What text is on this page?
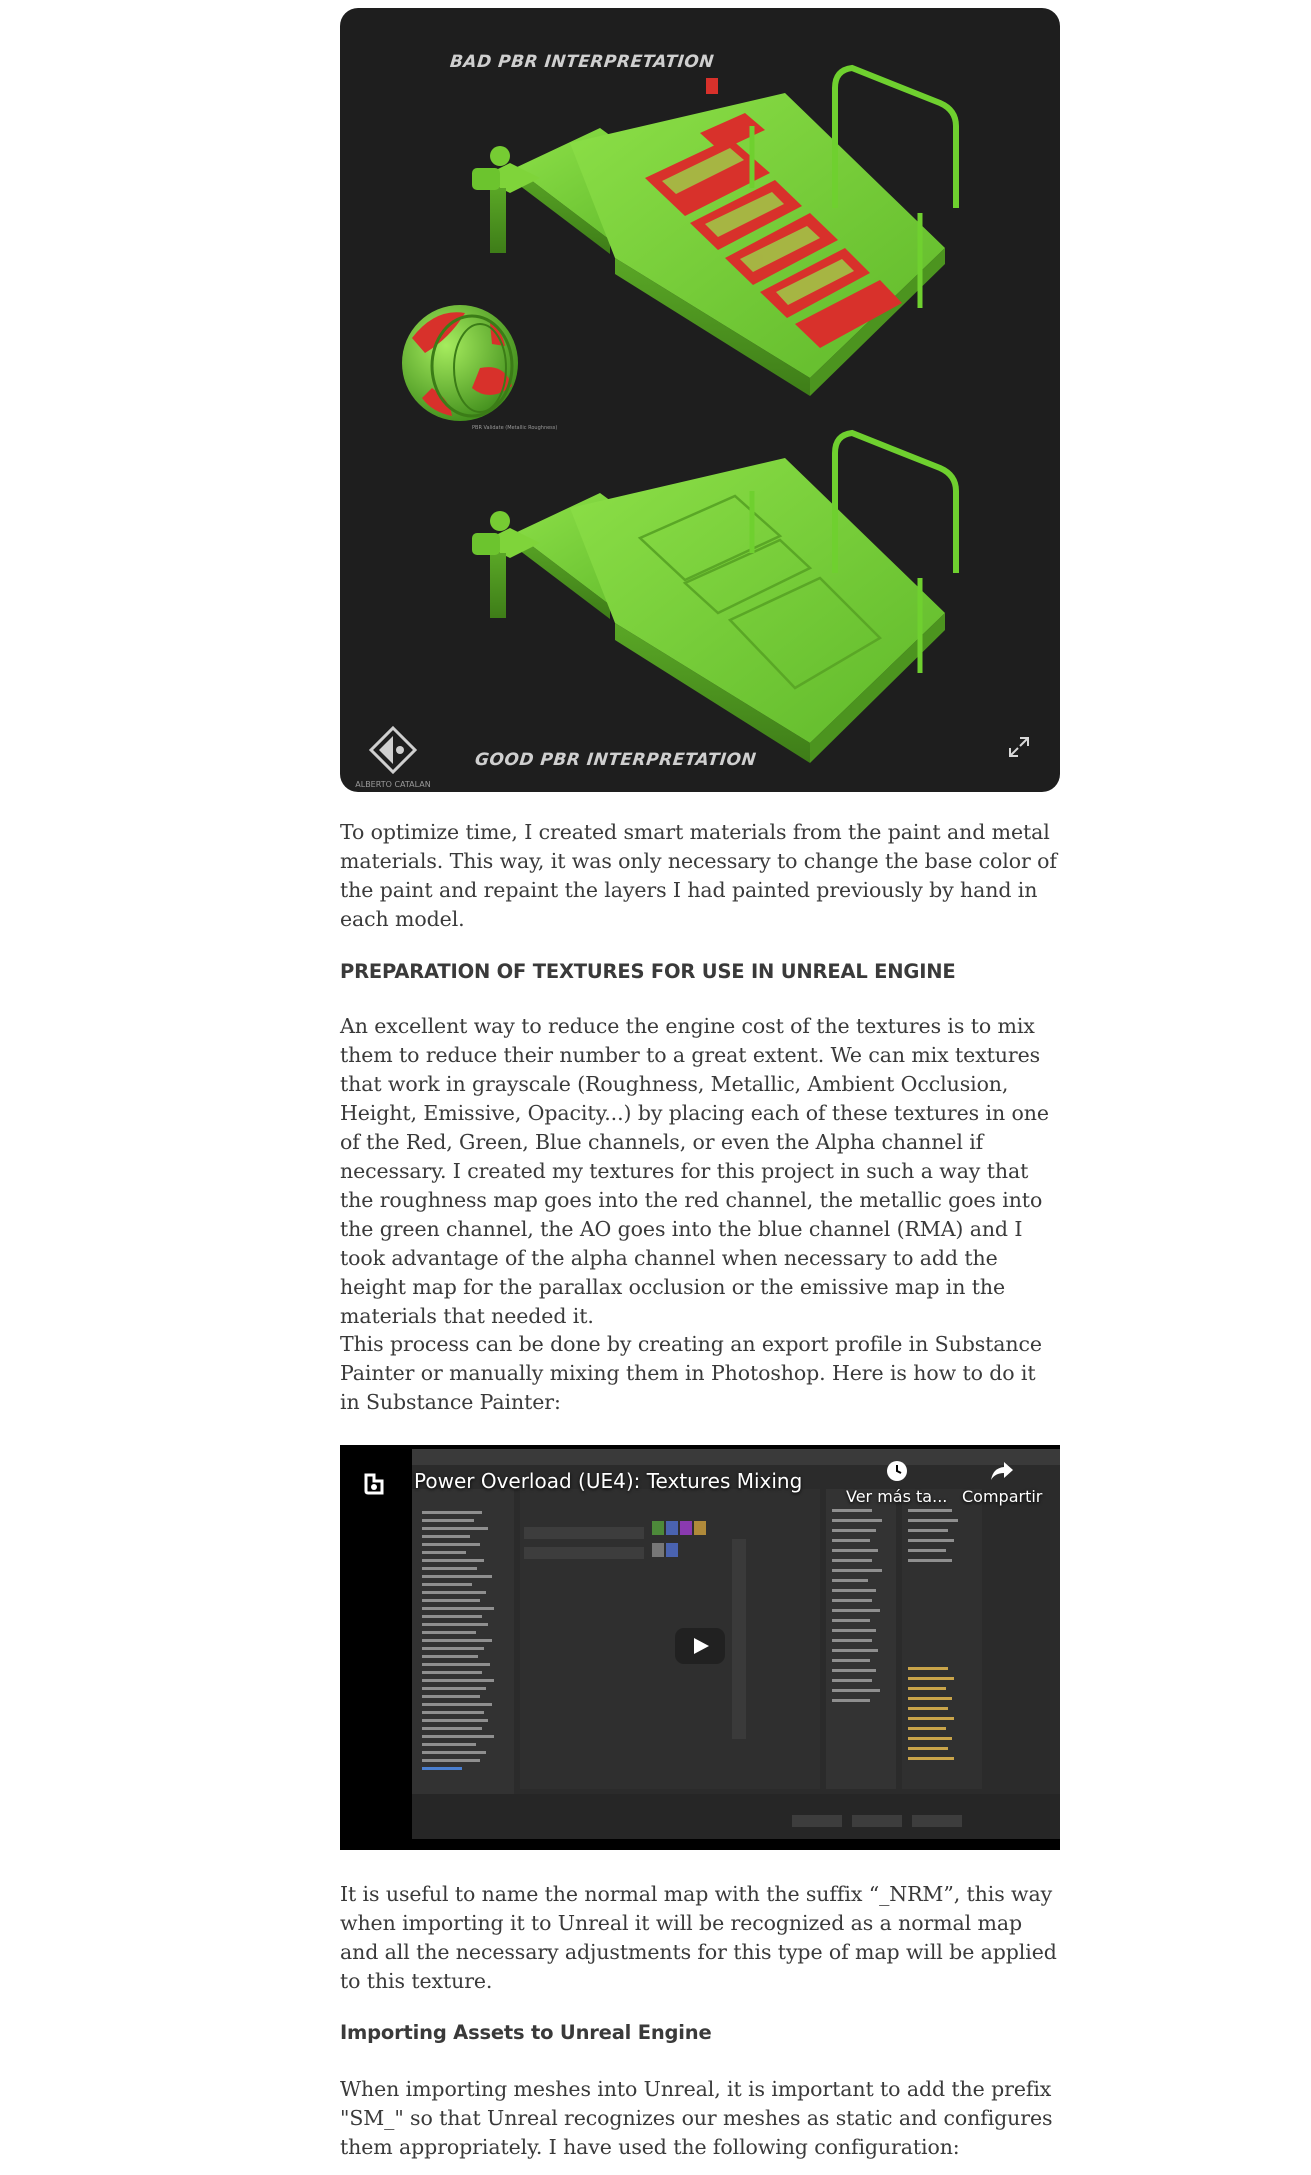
BAD PBR INTERPRETATION
PBR Validate (Metallic Roughness)
GOOD PBR INTERPRETATION
ALBERTO CATALAN

To optimize time, I created smart materials from the paint and metal materials. This way, it was only necessary to change the base color of the paint and repaint the layers I had painted previously by hand in each model.

PREPARATION OF TEXTURES FOR USE IN UNREAL ENGINE

An excellent way to reduce the engine cost of the textures is to mix them to reduce their number to a great extent. We can mix textures that work in grayscale (Roughness, Metallic, Ambient Occlusion, Height, Emissive, Opacity...) by placing each of these textures in one of the Red, Green, Blue channels, or even the Alpha channel if necessary. I created my textures for this project in such a way that the roughness map goes into the red channel, the metallic goes into the green channel, the AO goes into the blue channel (RMA) and I took advantage of the alpha channel when necessary to add the height map for the parallax occlusion or the emissive map in the materials that needed it.

This process can be done by creating an export profile in Substance Painter or manually mixing them in Photoshop. Here is how to do it in Substance Painter:

Power Overload (UE4): Textures Mixing
Ver más ta... Compartir

It is useful to name the normal map with the suffix “_NRM”, this way when importing it to Unreal it will be recognized as a normal map and all the necessary adjustments for this type of map will be applied to this texture.

Importing Assets to Unreal Engine

When importing meshes into Unreal, it is important to add the prefix "SM_" so that Unreal recognizes our meshes as static and configures them appropriately. I have used the following configuration:
